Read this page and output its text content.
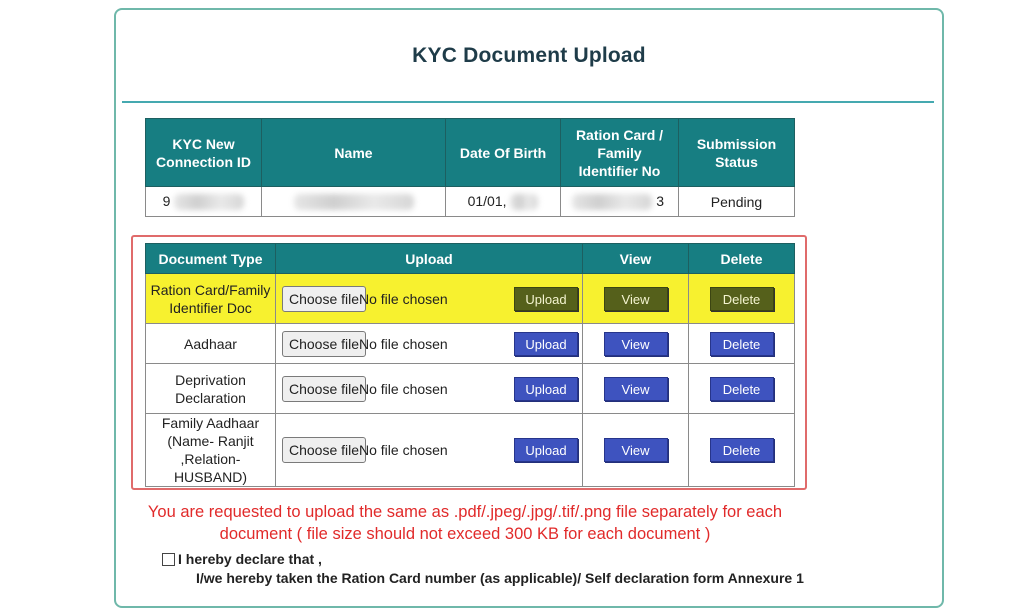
KYC Document Upload
KYC New Connection ID	Name	Date Of Birth	Ration Card / Family Identifier No	Submission Status
9		01/01,	3	Pending
Document Type	Upload	View	Delete
Ration Card/Family Identifier Doc	Choose file No file chosen Upload	View	Delete
Aadhaar	Choose file No file chosen Upload	View	Delete
Deprivation Declaration	Choose file No file chosen Upload	View	Delete
Family Aadhaar (Name- Ranjit ,Relation- HUSBAND)	Choose file No file chosen Upload	View	Delete
You are requested to upload the same as .pdf/.jpeg/.jpg/.tif/.png file separately for each document ( file size should not exceed 300 KB for each document )
I hereby declare that ,
I/we hereby taken the Ration Card number (as applicable)/ Self declaration form Annexure 1
